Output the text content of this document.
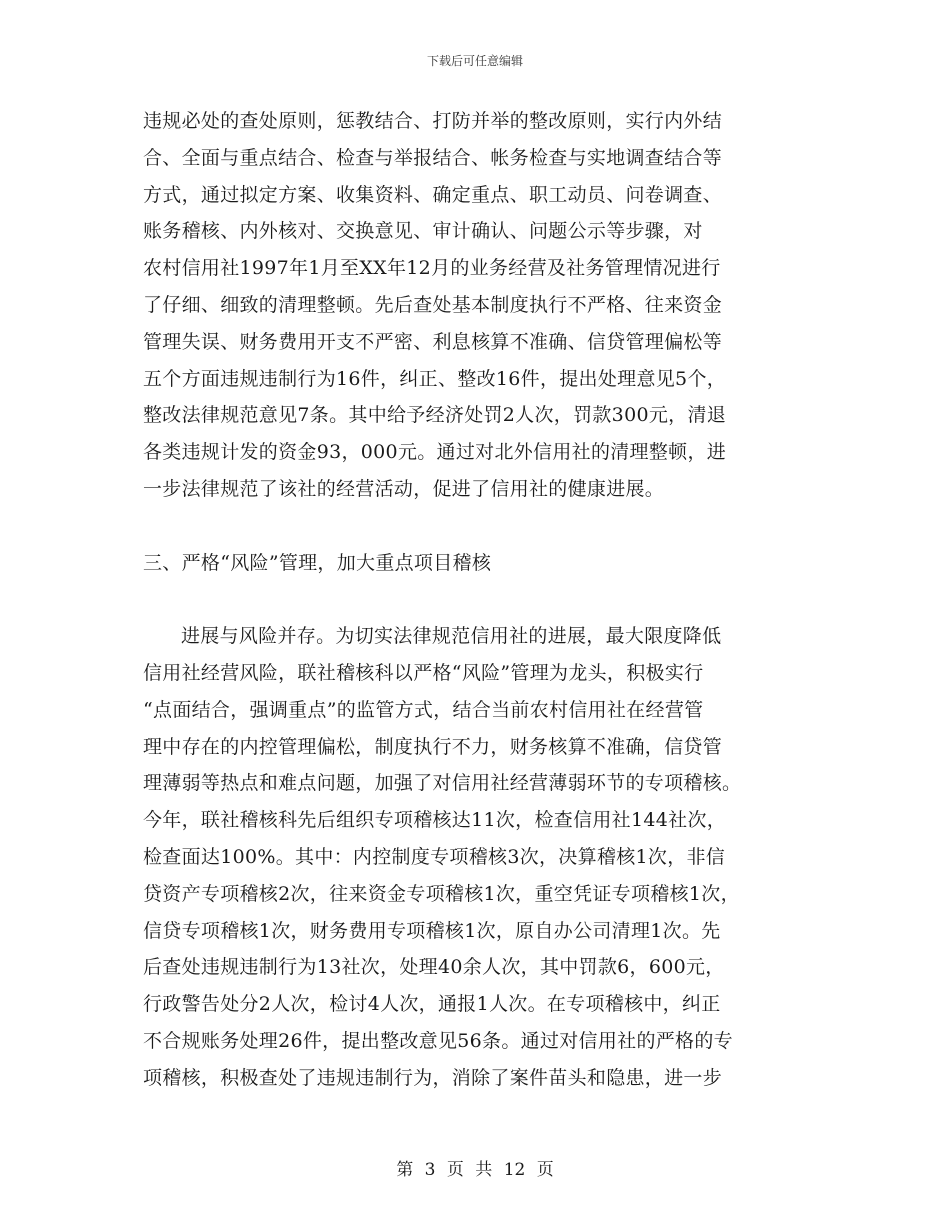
下载后可任意编辑
违规必处的查处原则，惩教结合、打防并举的整改原则，实行内外结
合、全面与重点结合、检查与举报结合、帐务检查与实地调查结合等
方式，通过拟定方案、收集资料、确定重点、职工动员、问卷调查、
账务稽核、内外核对、交换意见、审计确认、问题公示等步骤，对
农村信用社1997年1月至XX年12月的业务经营及社务管理情况进行
了仔细、细致的清理整顿。先后查处基本制度执行不严格、往来资金
管理失误、财务费用开支不严密、利息核算不准确、信贷管理偏松等
五个方面违规违制行为16件，纠正、整改16件，提出处理意见5个，
整改法律规范意见7条。其中给予经济处罚2人次，罚款300元，清退
各类违规计发的资金93，000元。通过对北外信用社的清理整顿，进
一步法律规范了该社的经营活动，促进了信用社的健康进展。
三、严格“风险”管理，加大重点项目稽核
进展与风险并存。为切实法律规范信用社的进展，最大限度降低
信用社经营风险，联社稽核科以严格“风险”管理为龙头，积极实行
“点面结合，强调重点”的监管方式，结合当前农村信用社在经营管
理中存在的内控管理偏松，制度执行不力，财务核算不准确，信贷管
理薄弱等热点和难点问题，加强了对信用社经营薄弱环节的专项稽核。
今年，联社稽核科先后组织专项稽核达11次，检查信用社144社次，
检查面达100%。其中：内控制度专项稽核3次，决算稽核1次，非信
贷资产专项稽核2次，往来资金专项稽核1次，重空凭证专项稽核1次，
信贷专项稽核1次，财务费用专项稽核1次，原自办公司清理1次。先
后查处违规违制行为13社次，处理40余人次，其中罚款6，600元，
行政警告处分2人次，检讨4人次，通报1人次。在专项稽核中，纠正
不合规账务处理26件，提出整改意见56条。通过对信用社的严格的专
项稽核，积极查处了违规违制行为，消除了案件苗头和隐患，进一步
第 3 页 共 12 页
